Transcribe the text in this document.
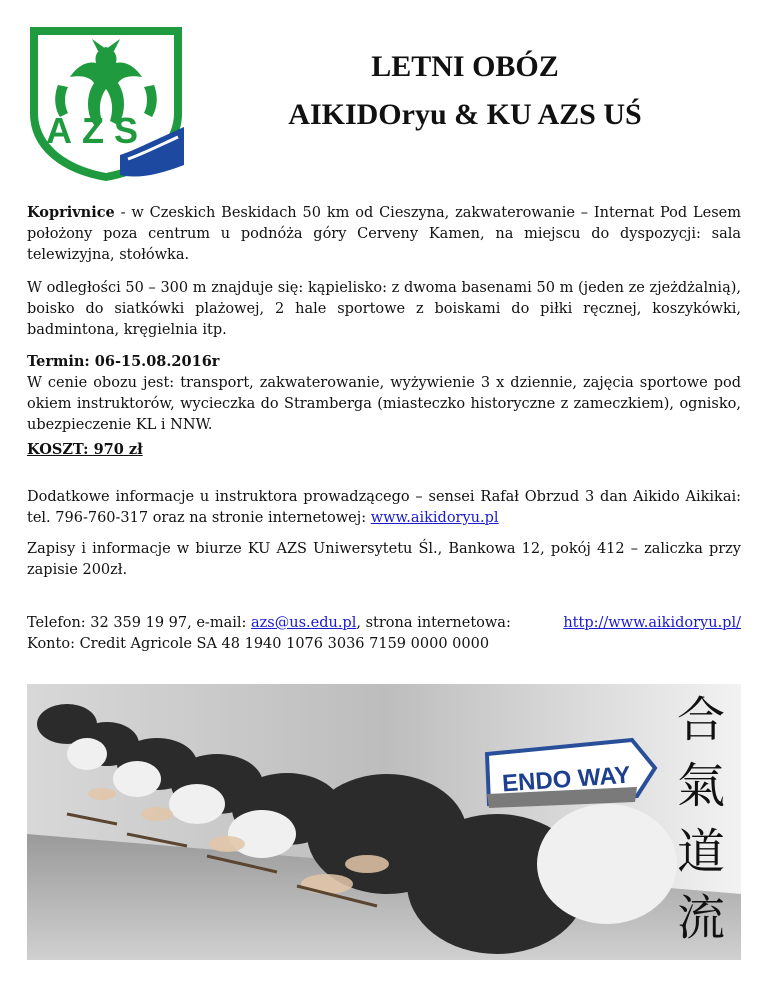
AZS
LETNI OBÓZ
AIKIDOryu & KU AZS UŚ
Koprivnice - w Czeskich Beskidach 50 km od Cieszyna, zakwaterowanie – Internat Pod Lesem położony poza centrum u podnóża góry Cerveny Kamen, na miejscu do dyspozycji: sala telewizyjna, stołówka.
W odległości 50 – 300 m znajduje się: kąpielisko: z dwoma basenami 50 m (jeden ze zjeżdżalnią), boisko do siatkówki plażowej, 2 hale sportowe z boiskami do piłki ręcznej, koszykówki, badmintona, kręgielnia itp.
Termin: 06-15.08.2016r

W cenie obozu jest: transport, zakwaterowanie, wyżywienie 3 x dziennie, zajęcia sportowe pod okiem instruktorów, wycieczka do Stramberga (miasteczko historyczne z zameczkiem), ognisko, ubezpieczenie KL i NNW.
KOSZT: 970 zł
Dodatkowe informacje u instruktora prowadzącego – sensei Rafał Obrzud 3 dan Aikido Aikikai: tel. 796-760-317 oraz na stronie internetowej: www.aikidoryu.pl
Zapisy i informacje w biurze KU AZS Uniwersytetu Śl., Bankowa 12, pokój 412 – zaliczka przy zapisie 200zł.
Telefon: 32 359 19 97, e-mail: azs@us.edu.pl, strona internetowa:	http://www.aikidoryu.pl/
Konto: Credit Agricole SA 48 1940 1076 3036 7159 0000 0000
ENDO WAY
合
氣
道
流
